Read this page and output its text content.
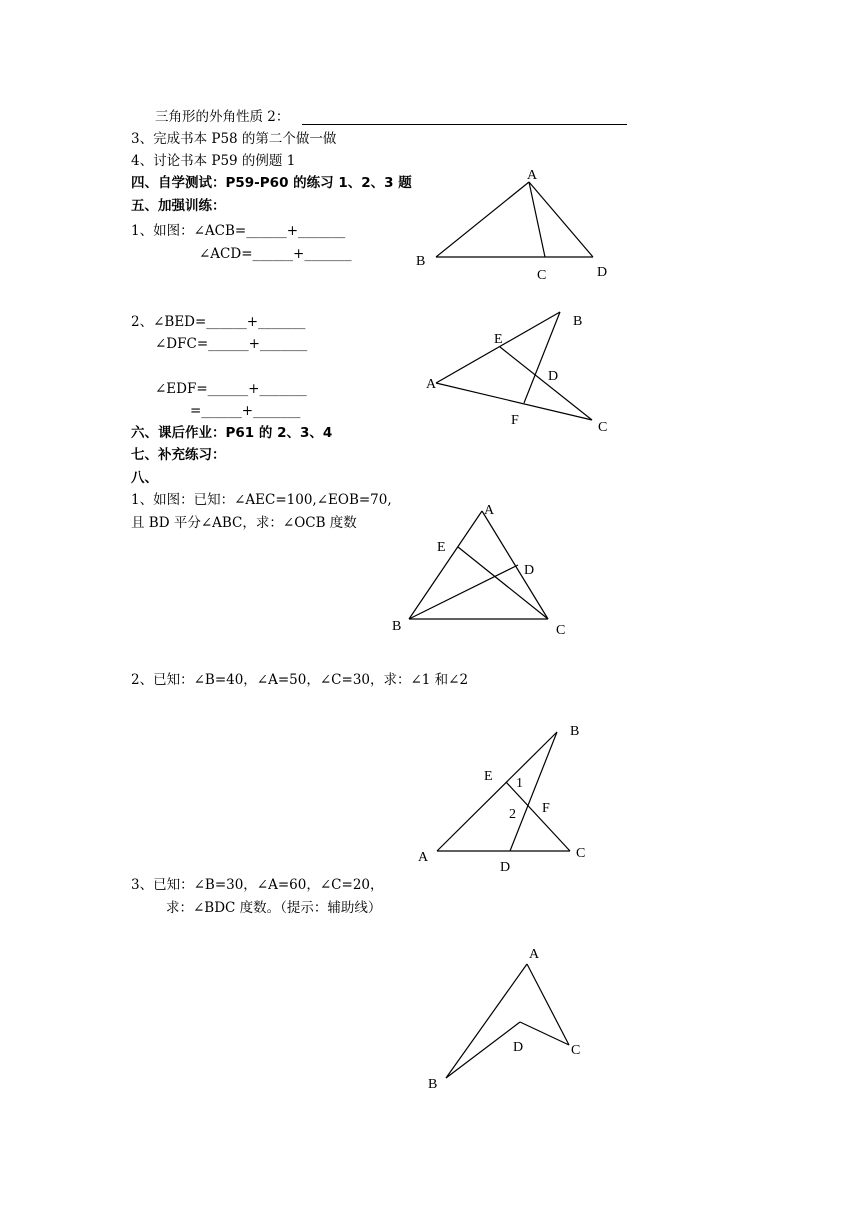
三角形的外角性质 2：
3、完成书本 P58 的第二个做一做
4、讨论书本 P59 的例题 1
四、自学测试：P59-P60 的练习 1、2、3 题
五、加强训练：
1、如图：∠ACB=______+_______
∠ACD=______+_______
2、∠BED=______+_______
∠DFC=______+_______
∠EDF=______+_______
=______+_______
六、课后作业：P61 的 2、3、4
七、补充练习：
八、
1、如图：已知：∠AEC=100,∠EOB=70,
且 BD 平分∠ABC，求：∠OCB 度数
2、已知：∠B=40，∠A=50，∠C=30，求：∠1 和∠2
3、已知：∠B=30，∠A=60，∠C=20，
求：∠BDC 度数。（提示：辅助线）
A
B
C	D
B
E
D
A
F	C
A
E
D
B	C
B
E 1
F
2
A
D
C
A
D	C
B
